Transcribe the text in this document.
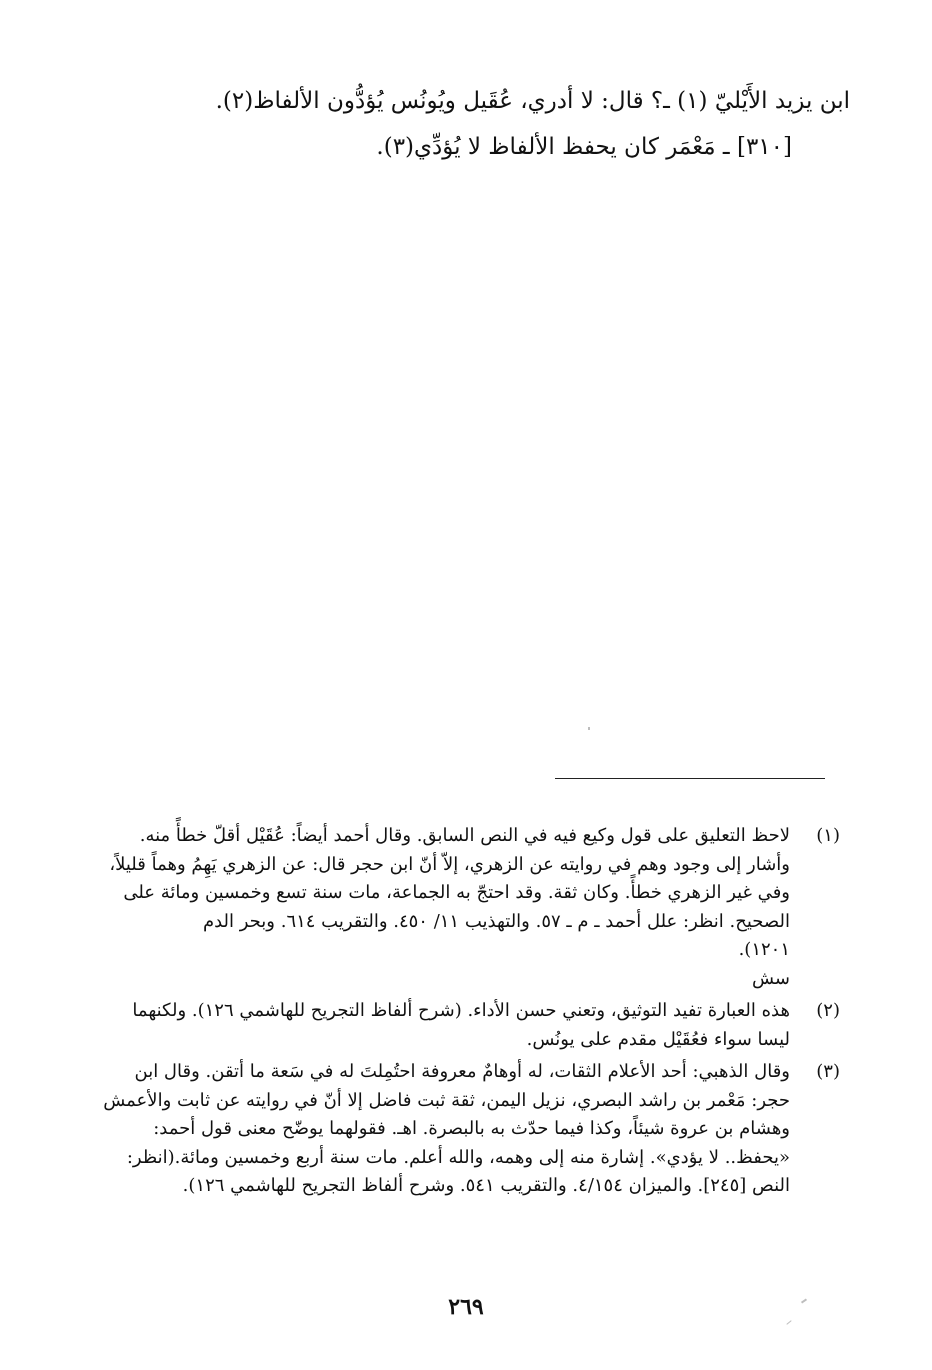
ابن يزيد الأَيْليّ (١) ـ؟ قال: لا أدري، عُقَيل ويُونُس يُؤدُّون الألفاظ(٢).
[٣١٠] ـ مَعْمَر كان يحفظ الألفاظ لا يُؤدِّي(٣).
(١)
لاحظ التعليق على قول وكيع فيه في النص السابق. وقال أحمد أيضاً: عُقَيْل أقلّ خطأً منه.
وأشار إلى وجود وهم في روايته عن الزهري، إلاّ أنّ ابن حجر قال: عن الزهري يَهِمُ وهماً قليلاً،
وفي غير الزهري خطأً. وكان ثقة. وقد احتجّ به الجماعة، مات سنة تسع وخمسين ومائة على
الصحيح. انظر: علل أحمد ـ م ـ ٥٧. والتهذيب ١١/ ٤٥٠. والتقريب ٦١٤. وبحر الدم
١٢٠١).
سش
(٢)
هذه العبارة تفيد التوثيق، وتعني حسن الأداء. (شرح ألفاظ التجريح للهاشمي ١٢٦). ولكنهما
ليسا سواء فعُقَيْل مقدم على يونُس.
(٣)
وقال الذهبي: أحد الأعلام الثقات، له أوهامٌ معروفة احتُمِلتَ له في سَعة ما أتقن. وقال ابن
حجر: مَعْمر بن راشد البصري، نزيل اليمن، ثقة ثبت فاضل إلا أنّ في روايته عن ثابت والأعمش
وهشام بن عروة شيئاً، وكذا فيما حدّث به بالبصرة. اهـ. فقولهما يوضّح معنى قول أحمد:
«يحفظ.. لا يؤدي». إشارة منه إلى وهمه، والله أعلم. مات سنة أربع وخمسين ومائة.(انظر:
النص [٢٤٥]. والميزان ٤/١٥٤. والتقريب ٥٤١. وشرح ألفاظ التجريح للهاشمي ١٢٦).
٢٦٩
